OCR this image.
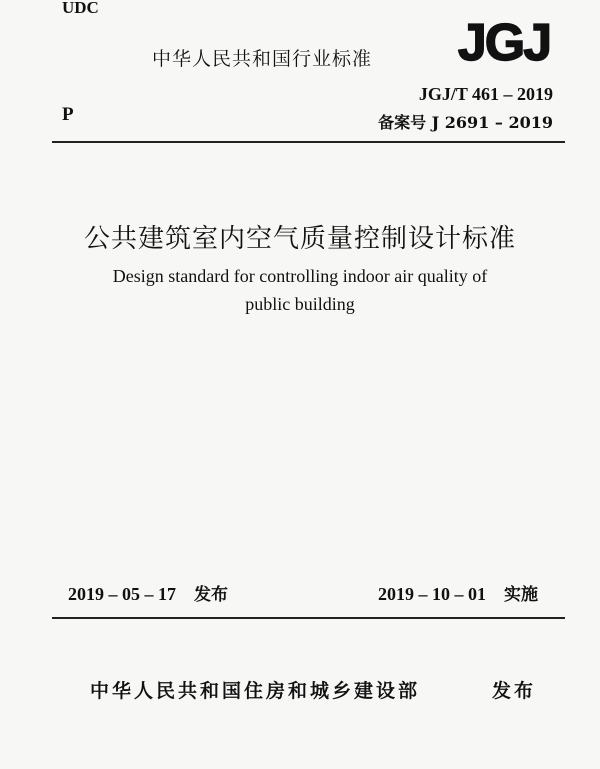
UDC
中华人民共和国行业标准 JGJ
P
JGJ/T 461 – 2019
备案号 J 2691 – 2019
公共建筑室内空气质量控制设计标准
Design standard for controlling indoor air quality of
public building
2019 – 05 – 17 发布	2019 – 10 – 01 实施
中华人民共和国住房和城乡建设部	发布
